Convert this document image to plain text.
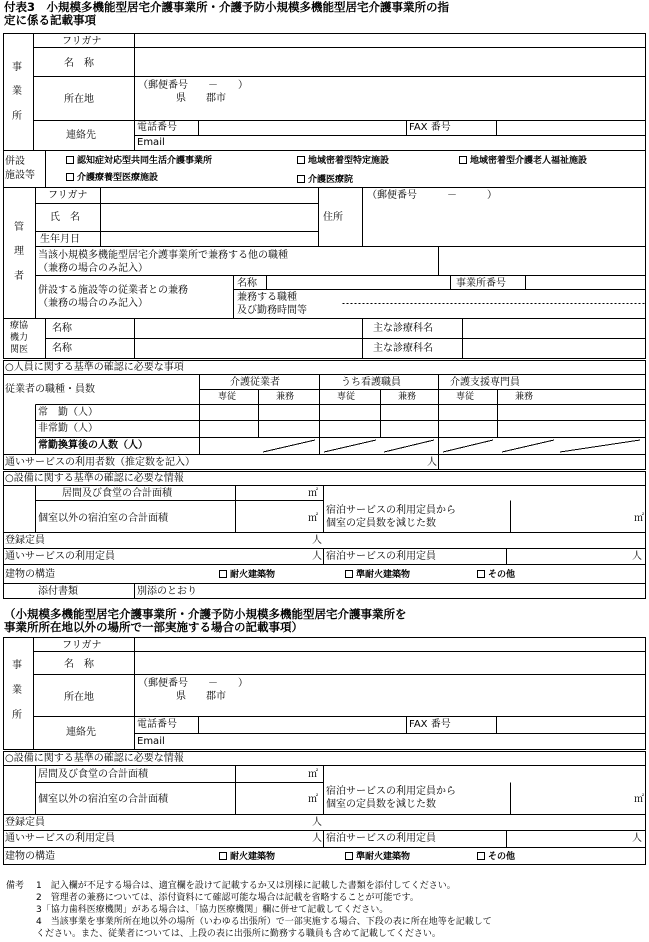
付表3　小規模多機能型居宅介護事業所・介護予防小規模多機能型居宅介護事業所の指
定に係る記載事項
事
業
所
フリガナ
名　称
所在地
（郵便番号　　－　　）
県　　郡市
連絡先
電話番号	FAX 番号
Email
併設
施設等
認知症対応型共同生活介護事業所	地域密着型特定施設	地域密着型介護老人福祉施設
介護療養型医療施設	介護医療院
管
理
者
フリガナ
氏　名	住所
（郵便番号　　　－　　　）
生年月日
当該小規模多機能型居宅介護事業所で兼務する他の職種
（兼務の場合のみ記入）
併設する施設等の従業者との兼務
（兼務の場合のみ記入）
名称	事業所番号
兼務する職種
及び勤務時間等
療協
機力
関医
名称	主な診療科名
名称	主な診療科名
○人員に関する基準の確認に必要な事項
従業者の職種・員数
介護従業者	うち看護職員	介護支援専門員
専従	兼務	専従	兼務	専従	兼務
常　勤（人）
非常勤（人）
常勤換算後の人数（人）
通いサービスの利用者数（推定数を記入）	人
○設備に関する基準の確認に必要な情報
居間及び食堂の合計面積	㎡
個室以外の宿泊室の合計面積	㎡
宿泊サービスの利用定員から
個室の定員数を減じた数	㎡
登録定員	人
通いサービスの利用定員	人 宿泊サービスの利用定員	人
建物の構造	耐火建築物	準耐火建築物	その他
添付書類	別添のとおり
（小規模多機能型居宅介護事業所・介護予防小規模多機能型居宅介護事業所を
事業所所在地以外の場所で一部実施する場合の記載事項）
事
業
所
フリガナ
名　称
所在地
（郵便番号　　－　　）
県　　郡市
連絡先
電話番号	FAX 番号
Email
○設備に関する基準の確認に必要な情報
居間及び食堂の合計面積	㎡
個室以外の宿泊室の合計面積	㎡
宿泊サービスの利用定員から
個室の定員数を減じた数	㎡
登録定員	人
通いサービスの利用定員	人 宿泊サービスの利用定員	人
建物の構造	耐火建築物	準耐火建築物	その他
備考 1　記入欄が不足する場合は、適宜欄を設けて記載するか又は別様に記載した書類を添付してください。
2　管理者の兼務については、添付資料にて確認可能な場合は記載を省略することが可能です。
3「協力歯科医療機関」がある場合は、「協力医療機関」欄に併せて記載してください。
4　当該事業を事業所所在地以外の場所（いわゆる出張所）で一部実施する場合、下段の表に所在地等を記載して
ください。また、従業者については、上段の表に出張所に勤務する職員も含めて記載してください。
